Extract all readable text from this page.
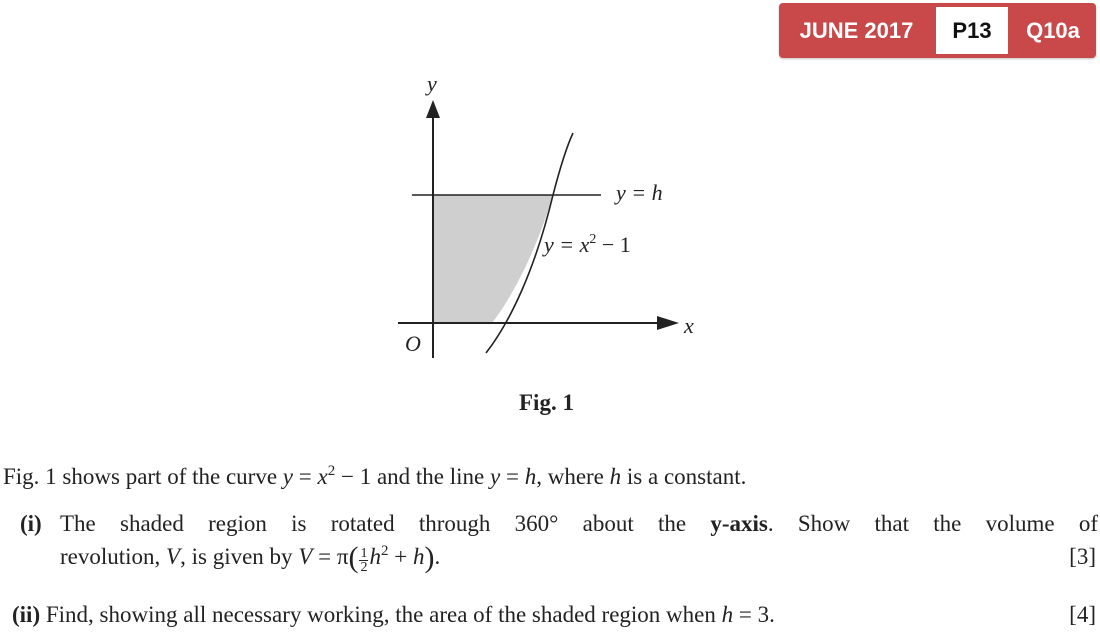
JUNE 2017	P13	Q10a
y
x
O
y = h
$y = x^2 - 1$
Fig. 1
Fig. 1 shows part of the curve $y = x^2 - 1$ and the line y = h, where h is a constant.
(i) The shaded region is rotated through 360° about the y-axis. Show that the volume of
revolution, V, is given by $V = \pi( \frac{1}{2} h^2 + h)$.	[3]
(ii) Find, showing all necessary working, the area of the shaded region when h = 3.	[4]
